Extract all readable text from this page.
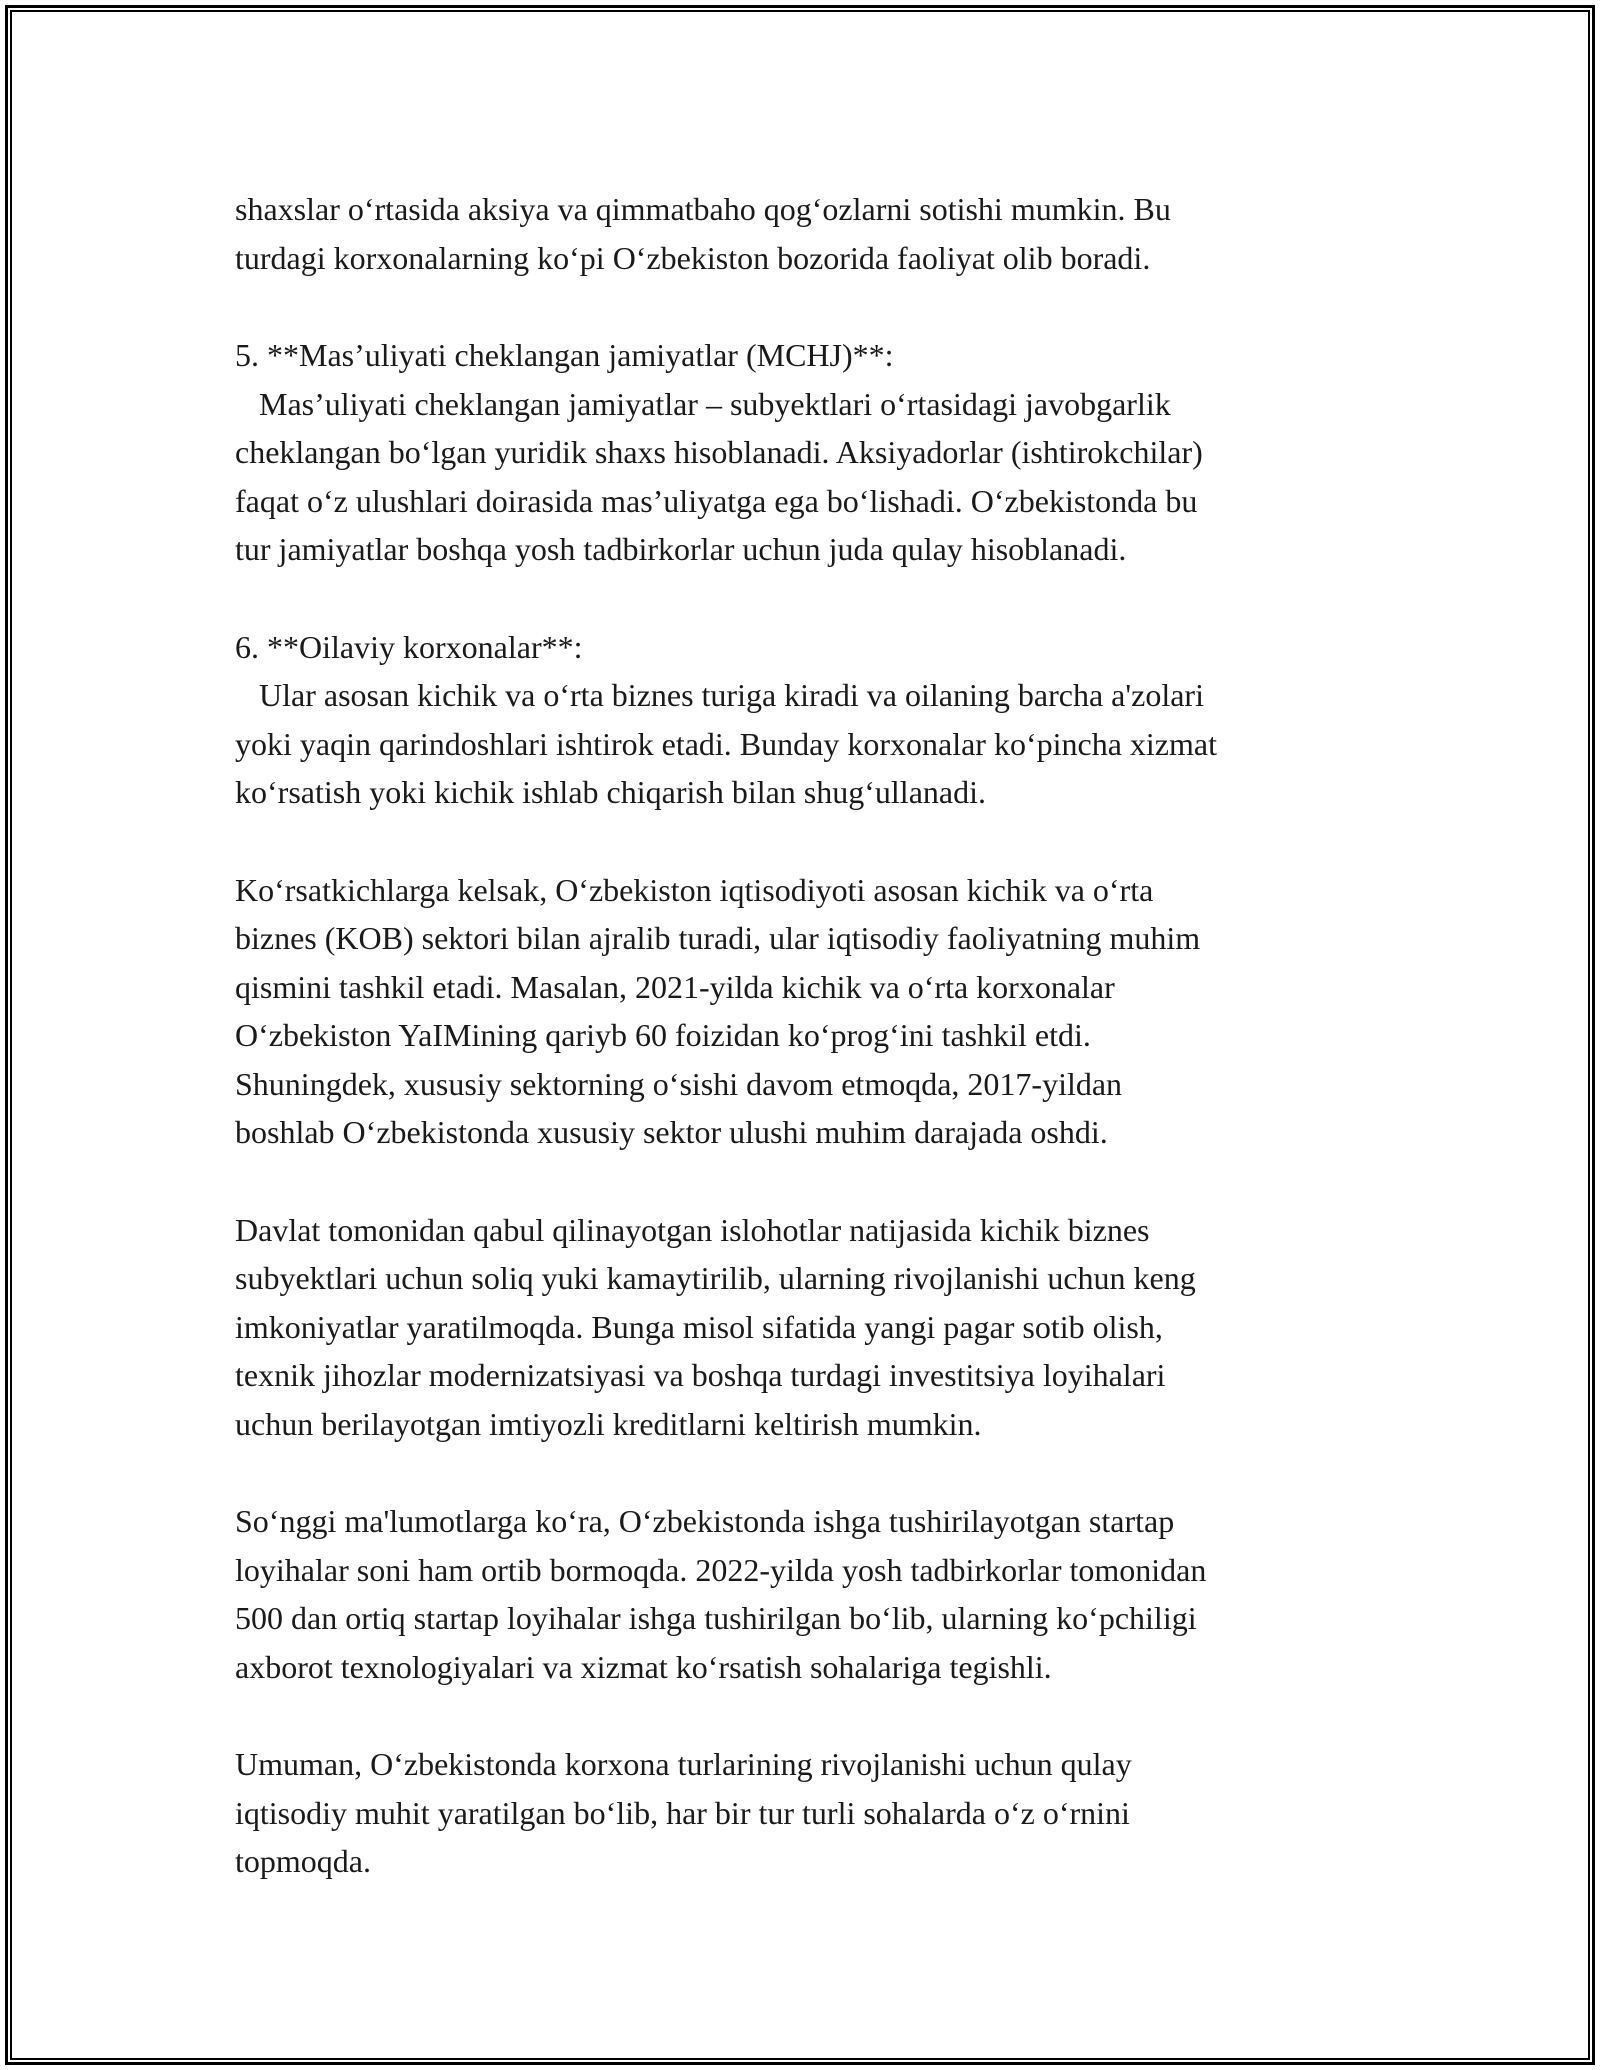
shaxslar o‘rtasida aksiya va qimmatbaho qog‘ozlarni sotishi mumkin. Bu
turdagi korxonalarning ko‘pi O‘zbekiston bozorida faoliyat olib boradi.

5. **Mas’uliyati cheklangan jamiyatlar (MCHJ)**:
Mas’uliyati cheklangan jamiyatlar – subyektlari o‘rtasidagi javobgarlik
cheklangan bo‘lgan yuridik shaxs hisoblanadi. Aksiyadorlar (ishtirokchilar)
faqat o‘z ulushlari doirasida mas’uliyatga ega bo‘lishadi. O‘zbekistonda bu
tur jamiyatlar boshqa yosh tadbirkorlar uchun juda qulay hisoblanadi.

6. **Oilaviy korxonalar**:
Ular asosan kichik va o‘rta biznes turiga kiradi va oilaning barcha a'zolari
yoki yaqin qarindoshlari ishtirok etadi. Bunday korxonalar ko‘pincha xizmat
ko‘rsatish yoki kichik ishlab chiqarish bilan shug‘ullanadi.

Ko‘rsatkichlarga kelsak, O‘zbekiston iqtisodiyoti asosan kichik va o‘rta
biznes (KOB) sektori bilan ajralib turadi, ular iqtisodiy faoliyatning muhim
qismini tashkil etadi. Masalan, 2021-yilda kichik va o‘rta korxonalar
O‘zbekiston YaIMining qariyb 60 foizidan ko‘prog‘ini tashkil etdi.
Shuningdek, xususiy sektorning o‘sishi davom etmoqda, 2017-yildan
boshlab O‘zbekistonda xususiy sektor ulushi muhim darajada oshdi.

Davlat tomonidan qabul qilinayotgan islohotlar natijasida kichik biznes
subyektlari uchun soliq yuki kamaytirilib, ularning rivojlanishi uchun keng
imkoniyatlar yaratilmoqda. Bunga misol sifatida yangi pagar sotib olish,
texnik jihozlar modernizatsiyasi va boshqa turdagi investitsiya loyihalari
uchun berilayotgan imtiyozli kreditlarni keltirish mumkin.

So‘nggi ma'lumotlarga ko‘ra, O‘zbekistonda ishga tushirilayotgan startap
loyihalar soni ham ortib bormoqda. 2022-yilda yosh tadbirkorlar tomonidan
500 dan ortiq startap loyihalar ishga tushirilgan bo‘lib, ularning ko‘pchiligi
axborot texnologiyalari va xizmat ko‘rsatish sohalariga tegishli.

Umuman, O‘zbekistonda korxona turlarining rivojlanishi uchun qulay
iqtisodiy muhit yaratilgan bo‘lib, har bir tur turli sohalarda o‘z o‘rnini
topmoqda.
